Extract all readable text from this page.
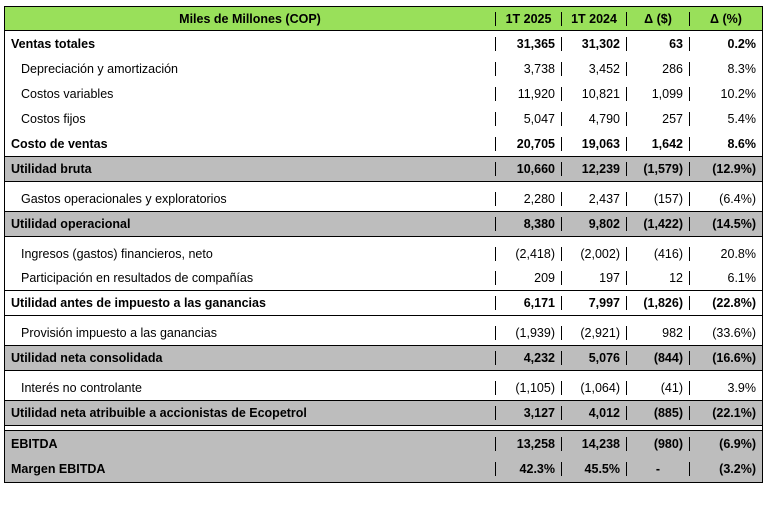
Miles de Millones (COP)	1T 2025	1T 2024	Δ ($)	Δ (%)
Ventas totales	31,365	31,302	63	0.2%
Depreciación y amortización	3,738	3,452	286	8.3%
Costos variables	11,920	10,821	1,099	10.2%
Costos fijos	5,047	4,790	257	5.4%
Costo de ventas	20,705	19,063	1,642	8.6%
Utilidad bruta	10,660	12,239	(1,579)	(12.9%)
Gastos operacionales y exploratorios	2,280	2,437	(157)	(6.4%)
Utilidad operacional	8,380	9,802	(1,422)	(14.5%)
Ingresos (gastos) financieros, neto	(2,418)	(2,002)	(416)	20.8%
Participación en resultados de compañías	209	197	12	6.1%
Utilidad antes de impuesto a las ganancias	6,171	7,997	(1,826)	(22.8%)
Provisión impuesto a las ganancias	(1,939)	(2,921)	982	(33.6%)
Utilidad neta consolidada	4,232	5,076	(844)	(16.6%)
Interés no controlante	(1,105)	(1,064)	(41)	3.9%
Utilidad neta atribuible a accionistas de Ecopetrol	3,127	4,012	(885)	(22.1%)
EBITDA	13,258	14,238	(980)	(6.9%)
Margen EBITDA	42.3%	45.5%	-	(3.2%)
